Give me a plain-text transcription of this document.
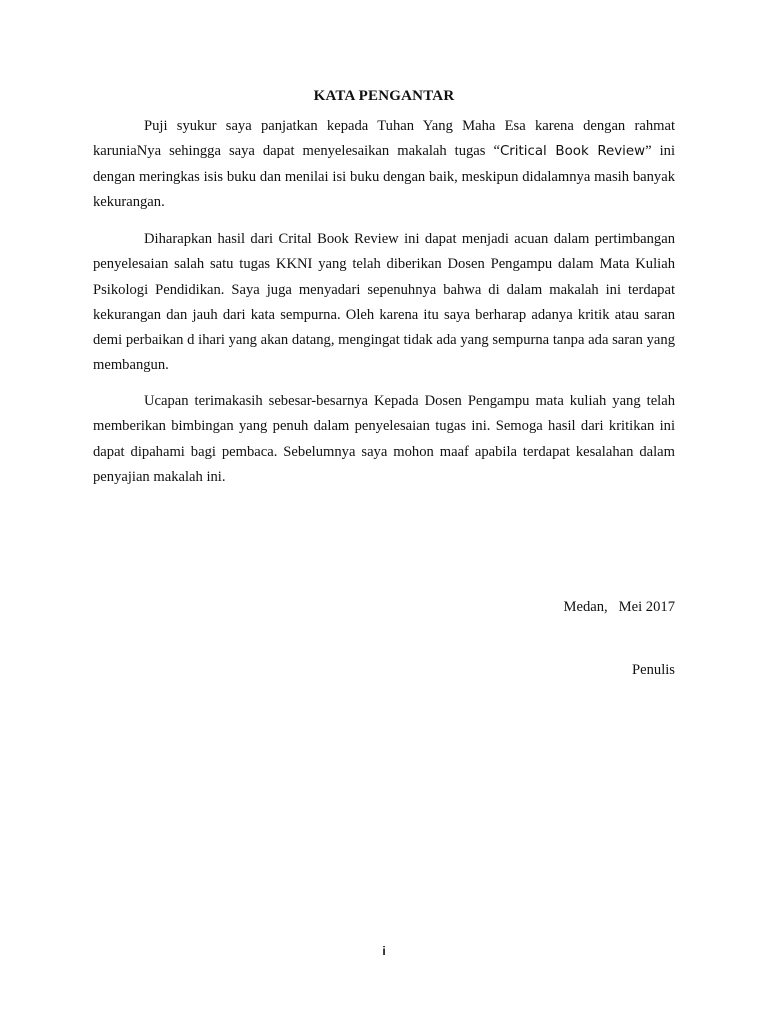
KATA PENGANTAR

Puji syukur saya panjatkan kepada Tuhan Yang Maha Esa karena dengan rahmat karuniaNya sehingga saya dapat menyelesaikan makalah tugas “Critical Book Review” ini dengan meringkas isis buku dan menilai isi buku dengan baik, meskipun didalamnya masih banyak kekurangan.

Diharapkan hasil dari Crital Book Review ini dapat menjadi acuan dalam pertimbangan penyelesaian salah satu tugas KKNI yang telah diberikan Dosen Pengampu dalam Mata Kuliah Psikologi Pendidikan. Saya juga menyadari sepenuhnya bahwa di dalam makalah ini terdapat kekurangan dan jauh dari kata sempurna. Oleh karena itu saya berharap adanya kritik atau saran demi perbaikan d ihari yang akan datang, mengingat tidak ada yang sempurna tanpa ada saran yang membangun.

Ucapan terimakasih sebesar-besarnya Kepada Dosen Pengampu mata kuliah yang telah memberikan bimbingan yang penuh dalam penyelesaian tugas ini. Semoga hasil dari kritikan ini dapat dipahami bagi pembaca. Sebelumnya saya mohon maaf apabila terdapat kesalahan dalam penyajian makalah ini.

Medan,   Mei 2017
Penulis
i
